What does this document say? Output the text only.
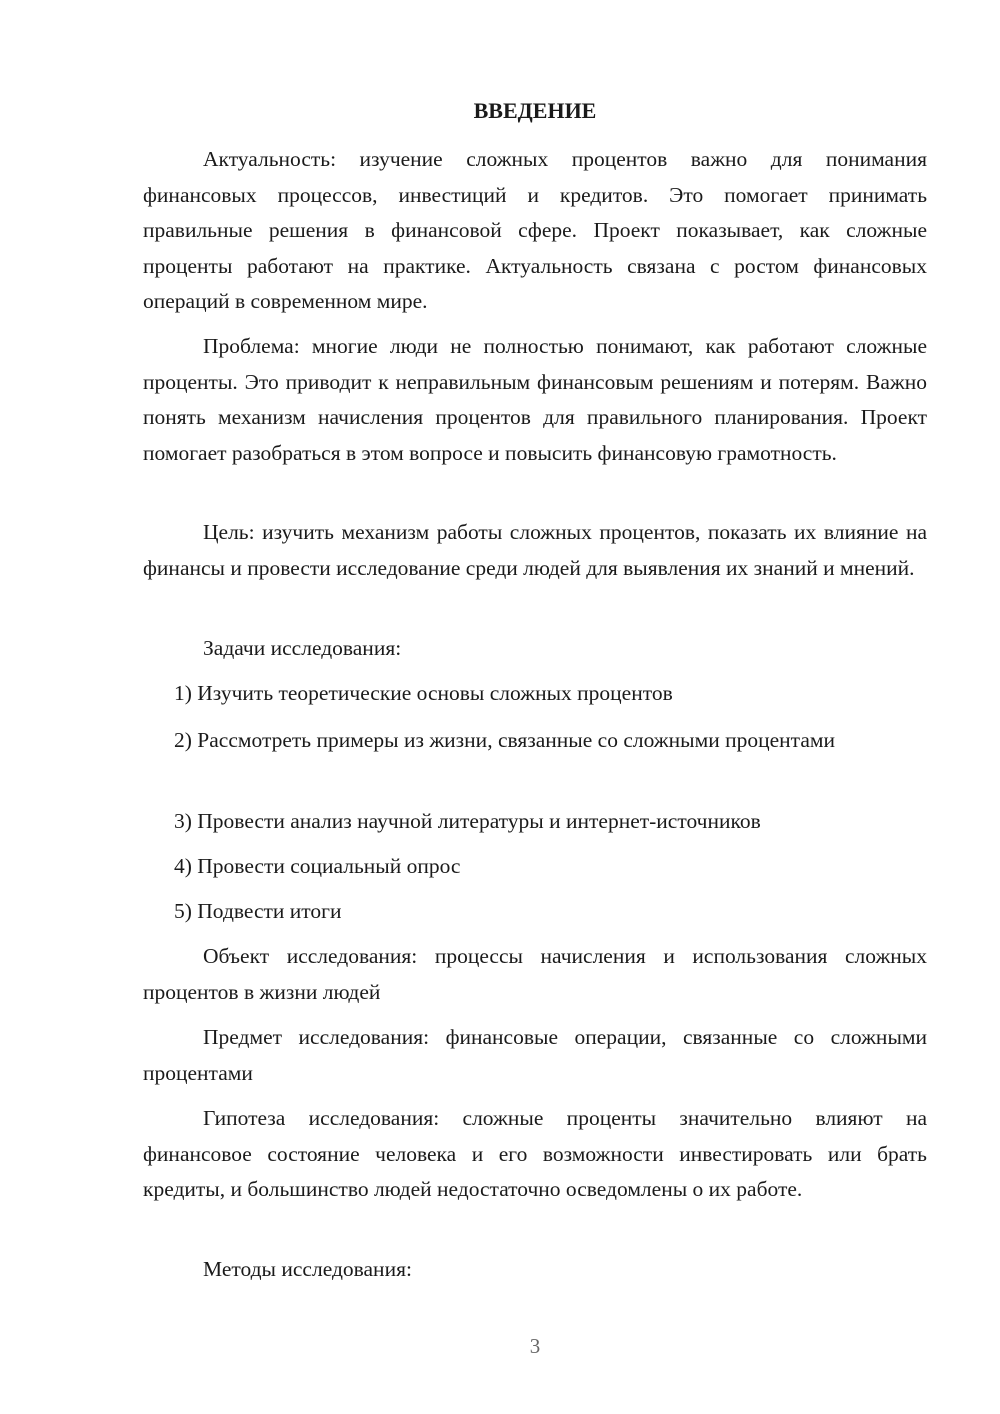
ВВЕДЕНИЕ

Актуальность: изучение сложных процентов важно для понимания финансовых процессов, инвестиций и кредитов. Это помогает принимать правильные решения в финансовой сфере. Проект показывает, как сложные проценты работают на практике. Актуальность связана с ростом финансовых операций в современном мире.

Проблема: многие люди не полностью понимают, как работают сложные проценты. Это приводит к неправильным финансовым решениям и потерям. Важно понять механизм начисления процентов для правильного планирования. Проект помогает разобраться в этом вопросе и повысить финансовую грамотность.

Цель: изучить механизм работы сложных процентов, показать их влияние на финансы и провести исследование среди людей для выявления их знаний и мнений.

Задачи исследования:

1) Изучить теоретические основы сложных процентов

2) Рассмотреть примеры из жизни, связанные со сложными процентами

3) Провести анализ научной литературы и интернет-источников

4) Провести социальный опрос

5) Подвести итоги

Объект исследования: процессы начисления и использования сложных процентов в жизни людей

Предмет исследования: финансовые операции, связанные со сложными процентами

Гипотеза исследования: сложные проценты значительно влияют на финансовое состояние человека и его возможности инвестировать или брать кредиты, и большинство людей недостаточно осведомлены о их работе.

Методы исследования:

3
